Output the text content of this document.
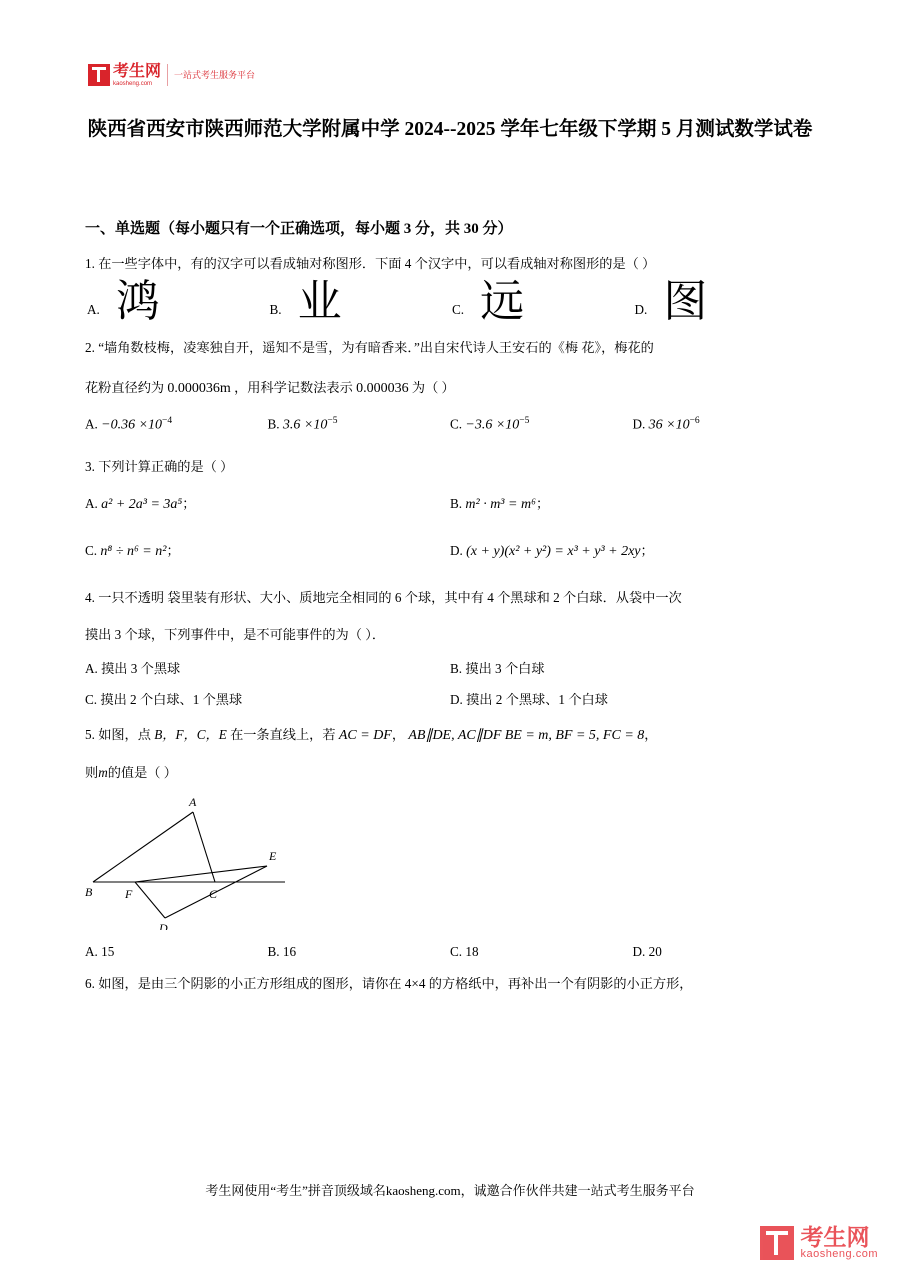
考生网
kaosheng.com
一站式考生服务平台
陕西省西安市陕西师范大学附属中学 2024--2025 学年七年级下学期 5 月测试数学试卷
一、单选题（每小题只有一个正确选项，每小题 3 分，共 30 分）
1. 在一些字体中，有的汉字可以看成轴对称图形．下面 4 个汉字中，可以看成轴对称图形的是（ ）
A. 鸿	B. 业	C. 远	D. 图
2. “墙角数枝梅，凌寒独自开，遥知不是雪，为有暗香来．”出自宋代诗人王安石的《梅 花》，梅花的
花粉直径约为 0.000036m ，用科学记数法表示 0.000036 为（ ）
A. $-0.36 \times 10^{-4}$	B. $3.6 \times 10^{-5}$	C. $-3.6 \times 10^{-5}$	D. $36 \times 10^{-6}$
3. 下列计算正确的是（ ）
A. a² + 2a³ = 3a⁵；	B. m² · m³ = m⁶；
C. n⁸ ÷ n⁶ = n²；	D. (x + y)(x² + y²) = x³ + y³ + 2xy；
4. 一只不透明 袋里装有形状、大小、质地完全相同的 6 个球，其中有 4 个黑球和 2 个白球．从袋中一次
摸出 3 个球，下列事件中，是不可能事件的为（ ）．
A. 摸出 3 个黑球	B. 摸出 3 个白球
C. 摸出 2 个白球、1 个黑球	D. 摸出 2 个黑球、1 个白球
5. 如图，点 B，F，C，E 在一条直线上，若 AC = DF， AB∥DE, AC∥DF BE = m, BF = 5, FC = 8，
则m的值是（ ）
A
B	F	C
E
D
A. 15	B. 16	C. 18	D. 20
6. 如图，是由三个阴影的小正方形组成的图形，请你在 4×4 的方格纸中，再补出一个有阴影的小正方形，
考生网使用“考生”拼音顶级域名kaosheng.com，诚邀合作伙伴共建一站式考生服务平台
考生网
kaosheng.com
